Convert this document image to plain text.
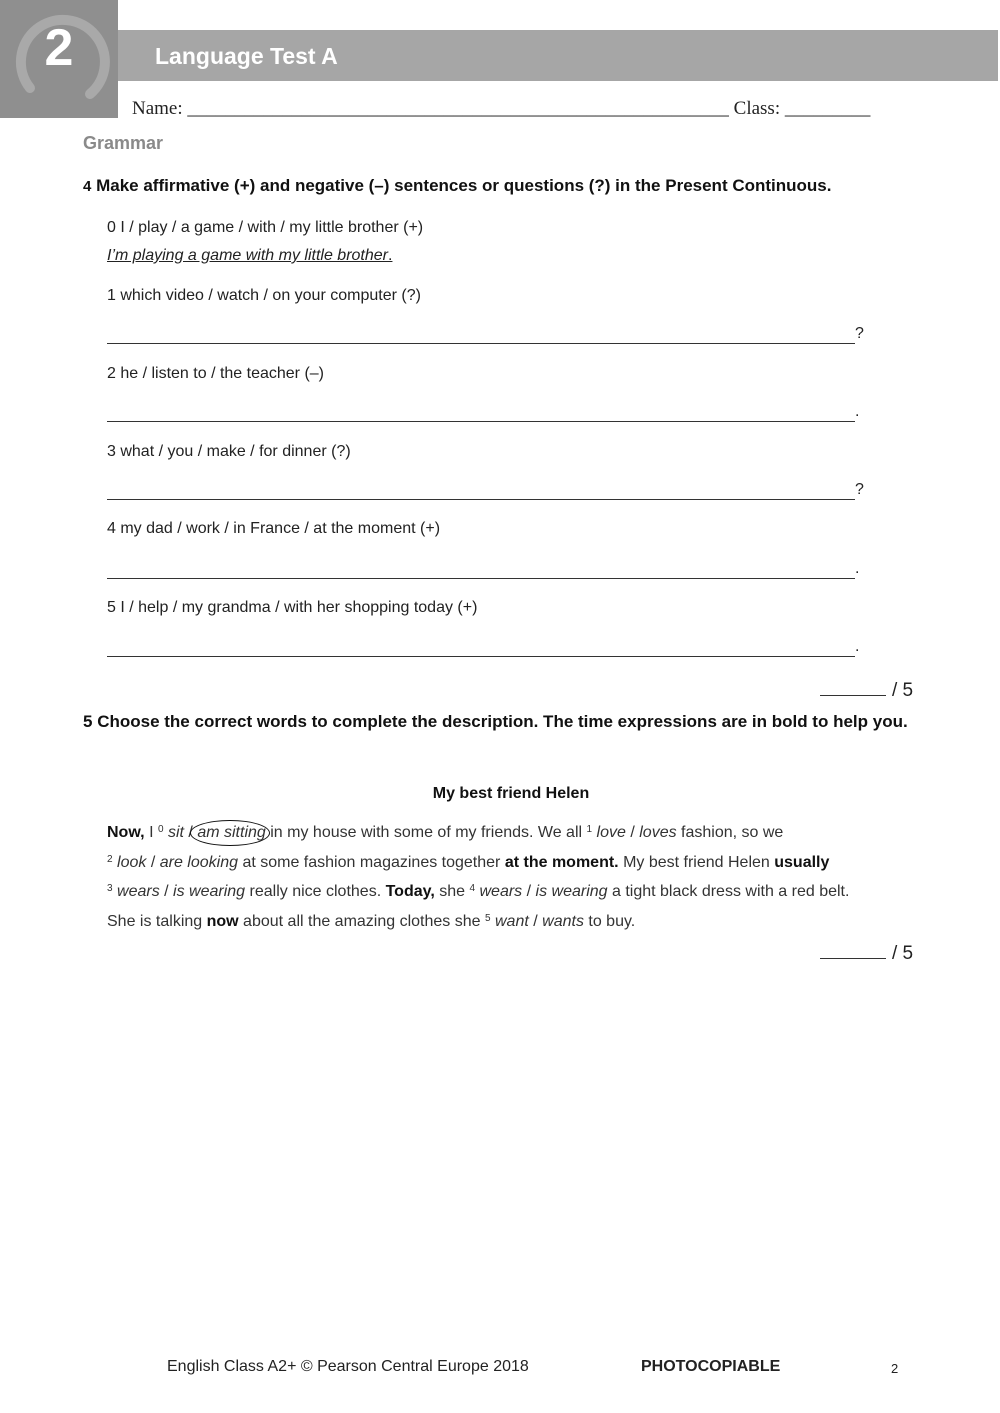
2	Language Test A
Name: _________________________________________________________ Class: _________
Grammar
4 Make affirmative (+) and negative (–) sentences or questions (?) in the Present Continuous.
0 I / play / a game / with / my little brother (+)
I’m playing a game with my little brother.
1 which video / watch / on your computer (?)
?
2 he / listen to / the teacher (–)
.
3 what / you / make / for dinner (?)
?
4 my dad / work / in France / at the moment (+)
.
5 I / help / my grandma / with her shopping today (+)
.
/ 5
5 Choose the correct words to complete the description. The time expressions are in bold to help you.
My best friend Helen
Now, I $^0$ sit / am sitting in my house with some of my friends. We all $^1$ love / loves fashion, so we
$^2$ look / are looking at some fashion magazines together at the moment. My best friend Helen usually
$^3$ wears / is wearing really nice clothes. Today, she $^4$ wears / is wearing a tight black dress with a red belt.
She is talking now about all the amazing clothes she $^5$ want / wants to buy.
/ 5
English Class A2+ © Pearson Central Europe 2018	PHOTOCOPIABLE	2
